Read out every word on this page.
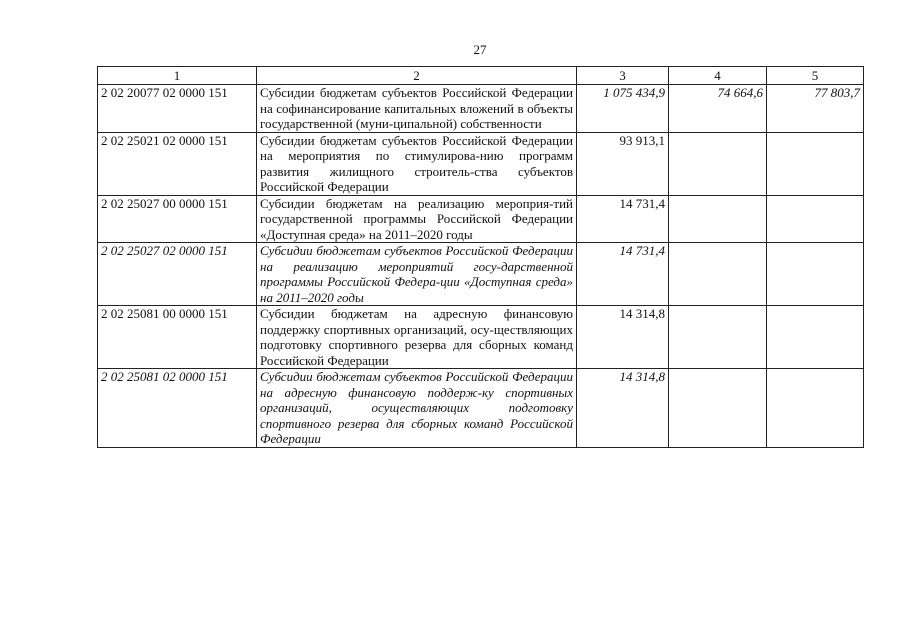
27
1	2	3	4	5
2 02 20077 02 0000 151	Субсидии бюджетам субъектов Российской Федерации на софинансирование капитальных вложений в объекты государственной (муни-ципальной) собственности	1 075 434,9	74 664,6	77 803,7
2 02 25021 02 0000 151	Субсидии бюджетам субъектов Российской Федерации на мероприятия по стимулирова-нию программ развития жилищного строитель-ства субъектов Российской Федерации	93 913,1		
2 02 25027 00 0000 151	Субсидии бюджетам на реализацию мероприя-тий государственной программы Российской Федерации «Доступная среда» на 2011–2020 годы	14 731,4		
2 02 25027 02 0000 151	Субсидии бюджетам субъектов Российской Федерации на реализацию мероприятий госу-дарственной программы Российской Федера-ции «Доступная среда» на 2011–2020 годы	14 731,4		
2 02 25081 00 0000 151	Субсидии бюджетам на адресную финансовую поддержку спортивных организаций, осу-ществляющих подготовку спортивного резерва для сборных команд Российской Федерации	14 314,8		
2 02 25081 02 0000 151	Субсидии бюджетам субъектов Российской Федерации на адресную финансовую поддерж-ку спортивных организаций, осуществляющих подготовку спортивного резерва для сборных команд Российской Федерации	14 314,8		
